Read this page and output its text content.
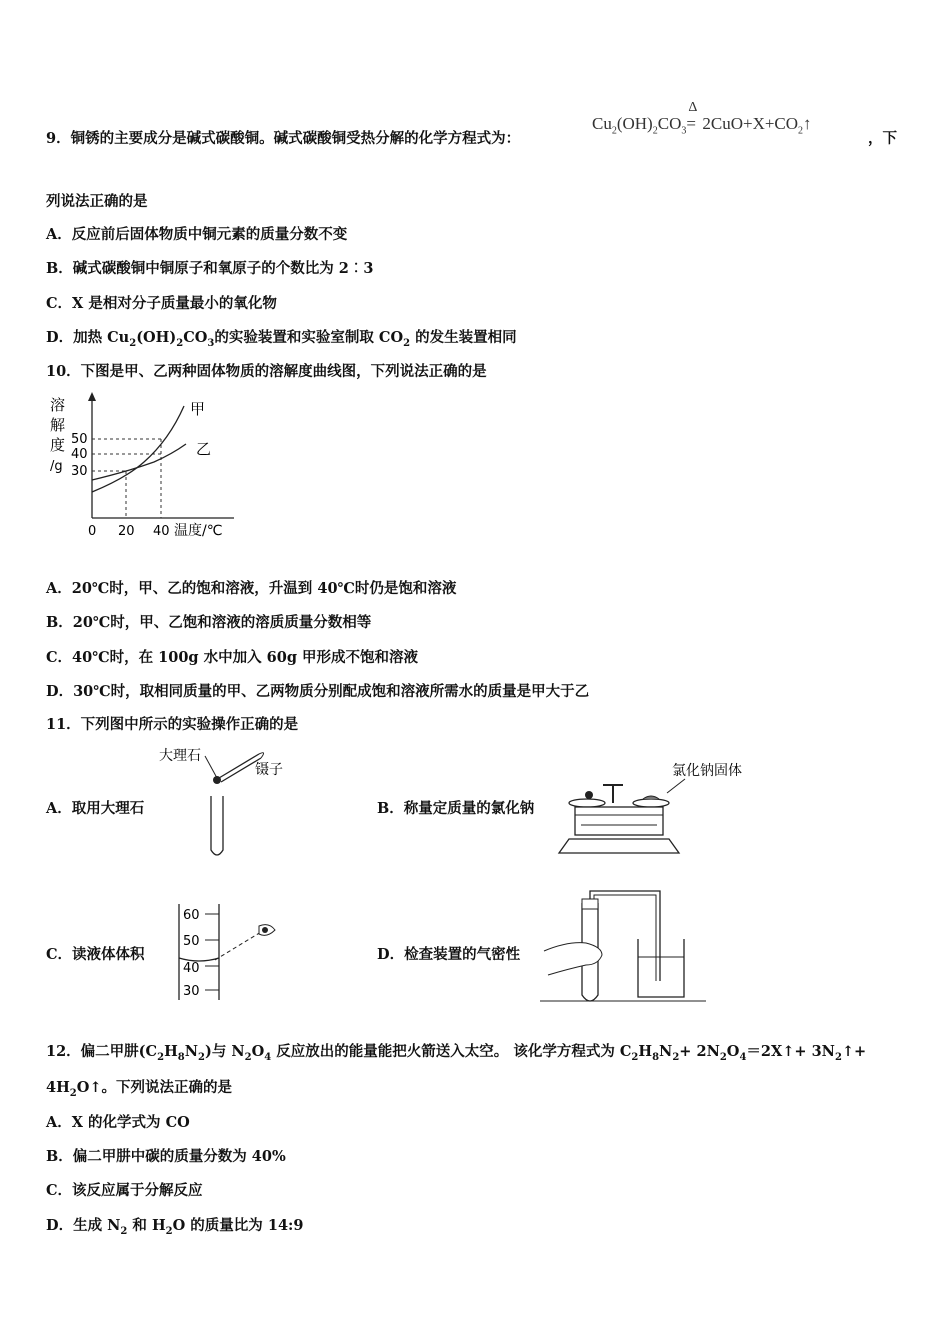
9．铜锈的主要成分是碱式碳酸铜。碱式碳酸铜受热分解的化学方程式为：
$Cu_2(OH)_2CO_3$
Δ
= $2CuO+X+CO_2↑$
，下
列说法正确的是
A．反应前后固体物质中铜元素的质量分数不变
B．碱式碳酸铜中铜原子和氧原子的个数比为 2︰3
C．X 是相对分子质量最小的氧化物
D．加热 $Cu_2(OH)_2CO_3$的实验装置和实验室制取 $CO_2$ 的发生装置相同
10．下图是甲、乙两种固体物质的溶解度曲线图，下列说法正确的是
溶
解
度
/g
50
40
30
甲
乙
0 20 40 温度/℃
A．20℃时，甲、乙的饱和溶液，升温到 40℃时仍是饱和溶液
B．20℃时，甲、乙饱和溶液的溶质质量分数相等
C．40℃时，在 100g 水中加入 60g 甲形成不饱和溶液
D．30℃时，取相同质量的甲、乙两物质分别配成饱和溶液所需水的质量是甲大于乙
11．下列图中所示的实验操作正确的是
A．取用大理石
大理石
镊子
B．称量定质量的氯化钠
氯化钠固体
C．读液体体积
60
50
40
30
D．检查装置的气密性
12．偏二甲肼$(C_2H_8N_2)$与 $N_2O_4$ 反应放出的能量能把火箭送入太空。 该化学方程式为 $C_2H_8N_2+$ $2N_2O_4=2X↑+$ $3N_2↑+$
$4H_2O↑$。下列说法正确的是
A．X 的化学式为 CO
B．偏二甲肼中碳的质量分数为 40%
C．该反应属于分解反应
D．生成 $N_2$ 和 $H_2O$ 的质量比为 14:9
